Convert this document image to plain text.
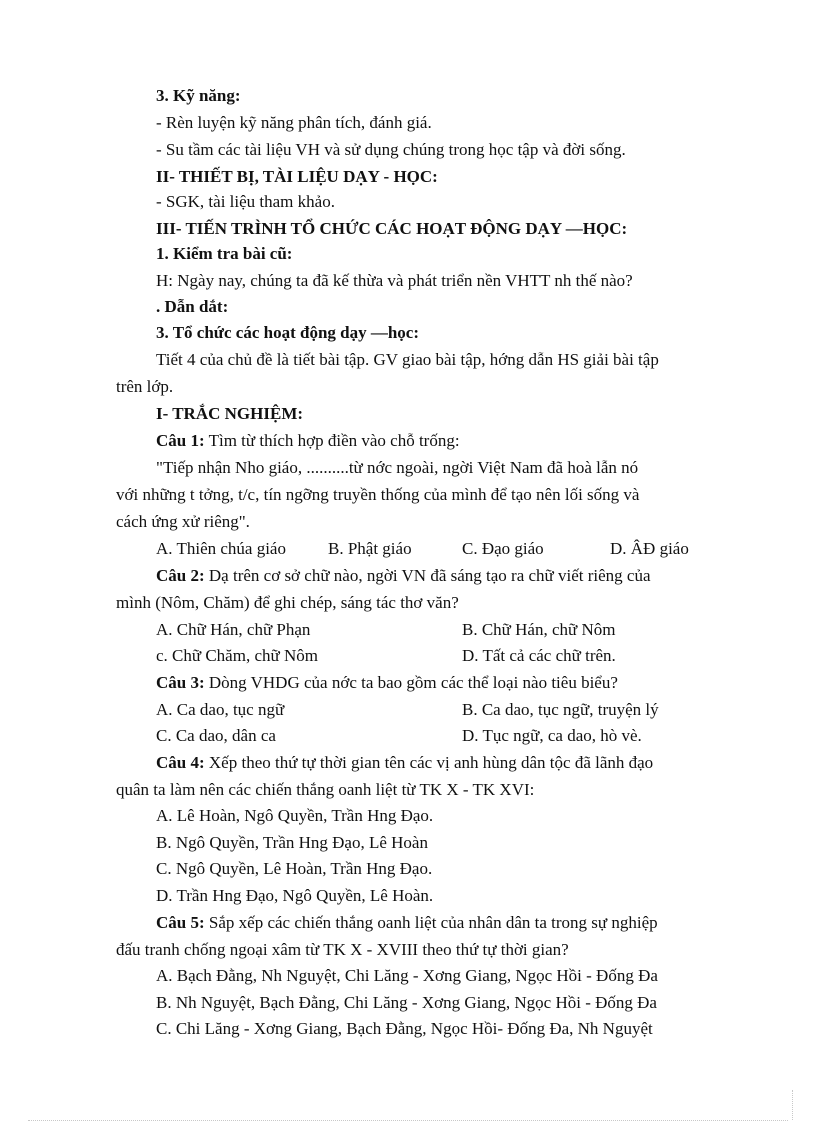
3. Kỹ năng:
- Rèn luyện kỹ năng phân tích, đánh giá.
- Su tầm các tài liệu VH và sử dụng chúng trong học tập và đời sống.
II- THIẾT BỊ, TÀI LIỆU DẠY - HỌC:
- SGK, tài liệu tham khảo.
III- TIẾN TRÌNH TỔ CHỨC CÁC HOẠT ĐỘNG DẠY —HỌC:
1. Kiểm tra bài cũ:
H: Ngày nay, chúng ta đã kế thừa và phát triển nền VHTT nh thế nào?
. Dẫn dắt:
3. Tổ chức các hoạt động dạy —học:
Tiết 4 của chủ đề là tiết bài tập. GV giao bài tập, hớng dẫn HS giải bài tập
trên lớp.
I- TRẮC NGHIỆM:
Câu 1: Tìm từ thích hợp điền vào chỗ trống:
"Tiếp nhận Nho giáo, ..........từ nớc ngoài, ngời Việt Nam đã hoà lẫn nó
với những t tởng, t/c, tín ngỡng truyền thống của mình để tạo nên lối sống và
cách ứng xử riêng".
A. Thiên chúa giáo B. Phật giáo	C. Đạo giáo	D. ÂĐ giáo
Câu 2: Dạ trên cơ sở chữ nào, ngời VN đã sáng tạo ra chữ viết riêng của
mình (Nôm, Chăm) để ghi chép, sáng tác thơ văn?
A. Chữ Hán, chữ Phạn	B. Chữ Hán, chữ Nôm
c. Chữ Chăm, chữ Nôm	D. Tất cả các chữ trên.
Câu 3: Dòng VHDG của nớc ta bao gồm các thể loại nào tiêu biểu?
A. Ca dao, tục ngữ	B. Ca dao, tục ngữ, truyện lý
C. Ca dao, dân ca	D. Tục ngữ, ca dao, hò vè.
Câu 4: Xếp theo thứ tự thời gian tên các vị anh hùng dân tộc đã lãnh đạo
quân ta làm nên các chiến thắng oanh liệt từ TK X - TK XVI:
A. Lê Hoàn, Ngô Quyền, Trần Hng Đạo.
B. Ngô Quyền, Trần Hng Đạo, Lê Hoàn
C. Ngô Quyền, Lê Hoàn, Trần Hng Đạo.
D. Trần Hng Đạo, Ngô Quyền, Lê Hoàn.
Câu 5: Sắp xếp các chiến thắng oanh liệt của nhân dân ta trong sự nghiệp
đấu tranh chống ngoại xâm từ TK X - XVIII theo thứ tự thời gian?
A. Bạch Đằng, Nh Nguyệt, Chi Lăng - Xơng Giang, Ngọc Hồi - Đống Đa
B. Nh Nguyệt, Bạch Đằng, Chi Lăng - Xơng Giang, Ngọc Hồi - Đống Đa
C. Chi Lăng - Xơng Giang, Bạch Đằng, Ngọc Hồi- Đống Đa, Nh Nguyệt
